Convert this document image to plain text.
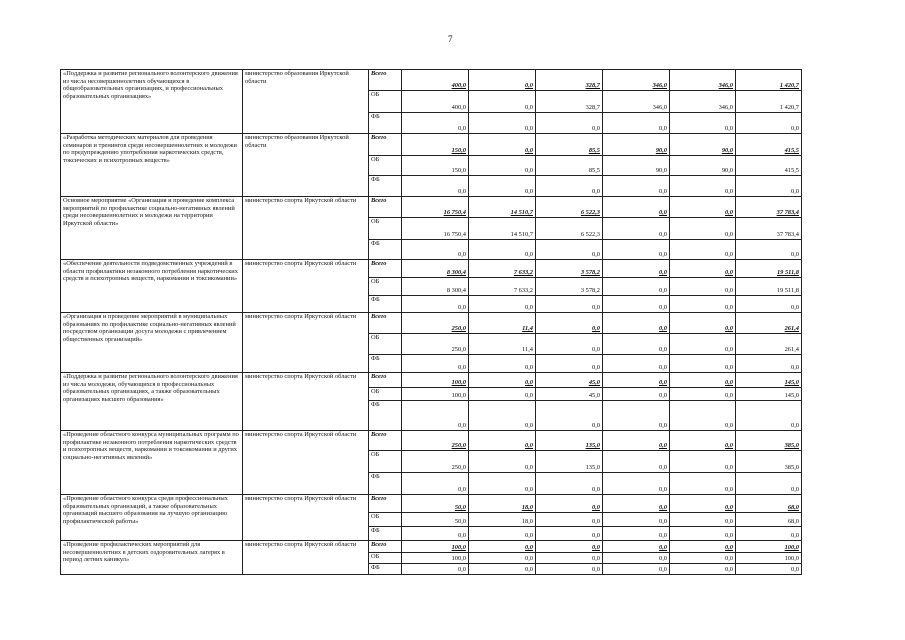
7
«Поддержка и развитие регионального волонтерского движения из числа несовершеннолетних обучающихся в общеобразовательных организациях, и профессиональных образовательных организациях»	министерство образования Иркутской области	Всего	400,0	0,0	328,7	346,0	346,0	1 420,7
		ОБ	400,0	0,0	328,7	346,0	346,0	1 420,7
		ФБ	0,0	0,0	0,0	0,0	0,0	0,0
«Разработка методических материалов для проведения семинаров и тренингов среди несовершеннолетних и молодежи по предупреждению употребления наркотических средств, токсических и психотропных веществ»	министерство образования Иркутской области	Всего	150,0	0,0	85,5	90,0	90,0	415,5
		ОБ	150,0	0,0	85,5	90,0	90,0	415,5
		ФБ	0,0	0,0	0,0	0,0	0,0	0,0
Основное мероприятие «Организация и проведение комплекса мероприятий по профилактике социально-негативных явлений среди несовершеннолетних и молодежи на территории Иркутской области»	министерство спорта Иркутской области	Всего	16 750,4	14 510,7	6 522,3	0,0	0,0	37 783,4
		ОБ	16 750,4	14 510,7	6 522,3	0,0	0,0	37 783,4
		ФБ	0,0	0,0	0,0	0,0	0,0	0,0
«Обеспечение деятельности подведомственных учреждений в области профилактики незаконного потребления наркотических средств и психотропных веществ, наркомании и токсикомании»	министерство спорта Иркутской области	Всего	8 300,4	7 633,2	3 578,2	0,0	0,0	19 511,8
		ОБ	8 300,4	7 633,2	3 578,2	0,0	0,0	19 511,8
		ФБ	0,0	0,0	0,0	0,0	0,0	0,0
«Организация и проведение мероприятий в муниципальных образованиях по профилактике социально-негативных явлений посредством организации досуга молодежи с привлечением общественных организаций»	министерство спорта Иркутской области	Всего	250,0	11,4	0,0	0,0	0,0	261,4
		ОБ	250,0	11,4	0,0	0,0	0,0	261,4
		ФБ	0,0	0,0	0,0	0,0	0,0	0,0
«Поддержка и развитие регионального волонтерского движения из числа молодежи, обучающихся в профессиональных образовательных организациях, а также образовательных организациях высшего образования»	министерство спорта Иркутской области	Всего	100,0	0,0	45,0	0,0	0,0	145,0
		ОБ	100,0	0,0	45,0	0,0	0,0	145,0
		ФБ	0,0	0,0	0,0	0,0	0,0	0,0
«Проведение областного конкурса муниципальных программ по профилактике незаконного потребления наркотических средств и психотропных веществ, наркомании и токсикомании и других социально-негативных явлений»	министерство спорта Иркутской области	Всего	250,0	0,0	135,0	0,0	0,0	385,0
		ОБ	250,0	0,0	135,0	0,0	0,0	385,0
		ФБ	0,0	0,0	0,0	0,0	0,0	0,0
«Проведение областного конкурса среди профессиональных образовательных организаций, а также образовательных организаций высшего образования на лучшую организацию профилактической работы»	министерство спорта Иркутской области	Всего	50,0	18,0	0,0	0,0	0,0	68,0
		ОБ	50,0	18,0	0,0	0,0	0,0	68,0
		ФБ	0,0	0,0	0,0	0,0	0,0	0,0
«Проведение профилактических мероприятий для несовершеннолетних в детских оздоровительных лагерях в период летних каникул»	министерство спорта Иркутской области	Всего	100,0	0,0	0,0	0,0	0,0	100,0
		ОБ	100,0	0,0	0,0	0,0	0,0	100,0
		ФБ	0,0	0,0	0,0	0,0	0,0	0,0
